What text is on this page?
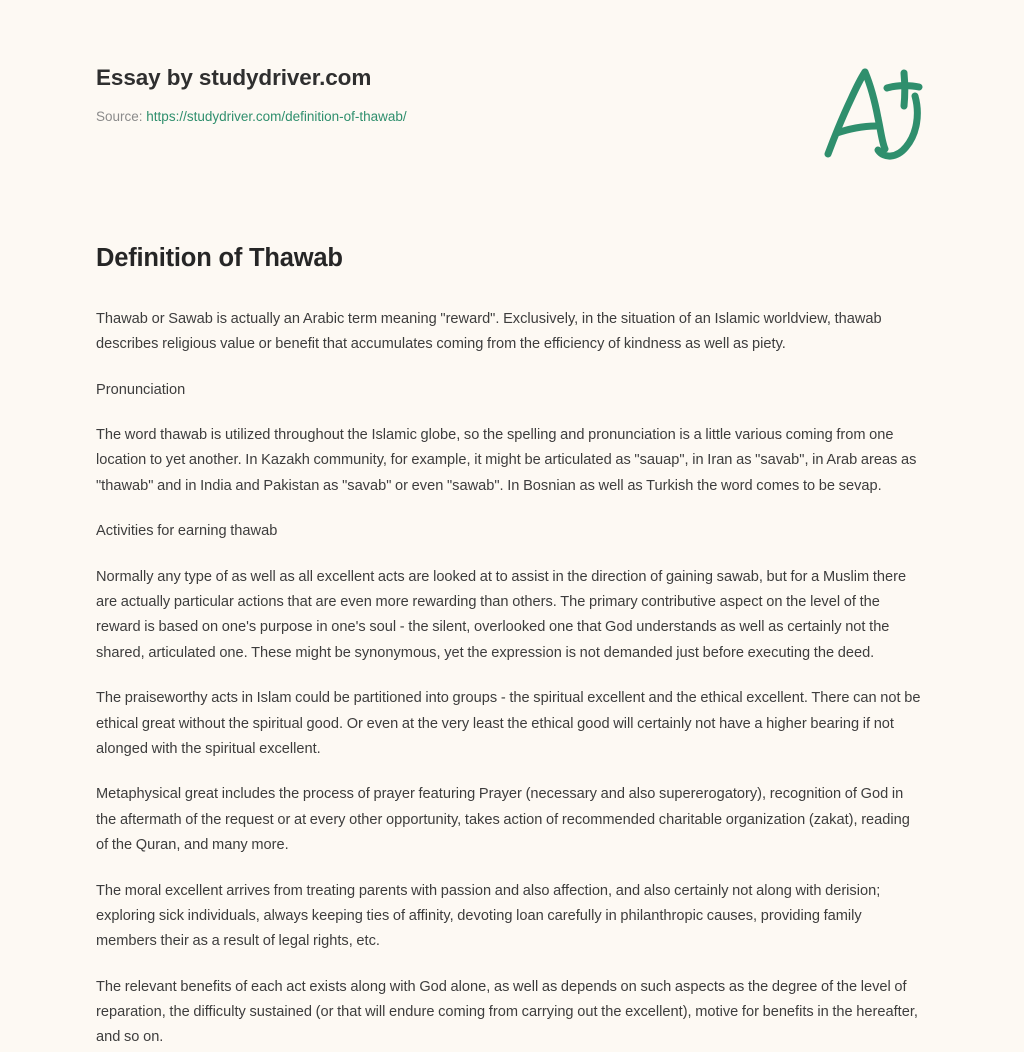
Essay by studydriver.com
Source: https://studydriver.com/definition-of-thawab/
Definition of Thawab

Thawab or Sawab is actually an Arabic term meaning "reward". Exclusively, in the situation of an Islamic worldview, thawab describes religious value or benefit that accumulates coming from the efficiency of kindness as well as piety.

Pronunciation

The word thawab is utilized throughout the Islamic globe, so the spelling and pronunciation is a little various coming from one location to yet another. In Kazakh community, for example, it might be articulated as "sauap", in Iran as "savab", in Arab areas as "thawab" and in India and Pakistan as "savab" or even "sawab". In Bosnian as well as Turkish the word comes to be sevap.

Activities for earning thawab

Normally any type of as well as all excellent acts are looked at to assist in the direction of gaining sawab, but for a Muslim there are actually particular actions that are even more rewarding than others. The primary contributive aspect on the level of the reward is based on one's purpose in one's soul - the silent, overlooked one that God understands as well as certainly not the shared, articulated one. These might be synonymous, yet the expression is not demanded just before executing the deed.

The praiseworthy acts in Islam could be partitioned into groups - the spiritual excellent and the ethical excellent. There can not be ethical great without the spiritual good. Or even at the very least the ethical good will certainly not have a higher bearing if not alonged with the spiritual excellent.

Metaphysical great includes the process of prayer featuring Prayer (necessary and also supererogatory), recognition of God in the aftermath of the request or at every other opportunity, takes action of recommended charitable organization (zakat), reading of the Quran, and many more.

The moral excellent arrives from treating parents with passion and also affection, and also certainly not along with derision; exploring sick individuals, always keeping ties of affinity, devoting loan carefully in philanthropic causes, providing family members their as a result of legal rights, etc.

The relevant benefits of each act exists along with God alone, as well as depends on such aspects as the degree of the level of reparation, the difficulty sustained (or that will endure coming from carrying out the excellent), motive for benefits in the hereafter, and so on.
